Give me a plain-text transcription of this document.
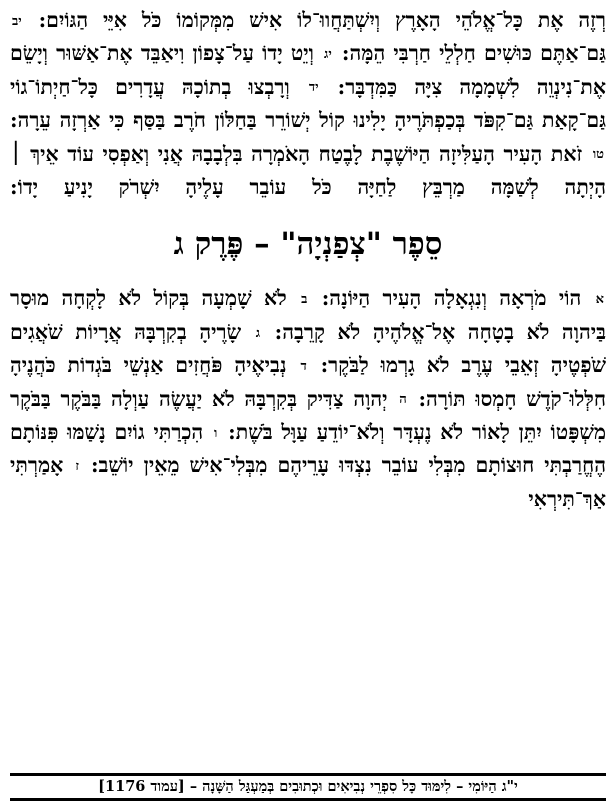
רְזֶה אֶת כָּל־אֱלֹהֵי הָאָרֶץ וְיִשְׁתַּחֲווּ־לוֹ אִישׁ מִמְּקוֹמוֹ כֹּל אִיֵּי הַגּוֹיִם: יב גַּם־אַתֶּם כּוּשִׁים חַלְלֵי חַרְבִּי הֵמָּה: יג וְיֵט יָדוֹ עַל־צָפוֹן וִיאַבֵּד אֶת־אַשּׁוּר וְיָשֵׂם אֶת־נִינְוֵה לִשְׁמָמָה צִיָּה כַּמִּדְבָּר: יד וְרָבְצוּ בְתוֹכָהּ עֲדָרִים כָּל־חַיְתוֹ־גוֹי גַּם־קָאַת גַּם־קִפֹּד בְּכַפְתֹּרֶיהָ יָלִינוּ קוֹל יְשׁוֹרֵר בַּחַלּוֹן חֹרֶב בַּסַּף כִּי אַרְזָה עֵרָה: טו זֹאת הָעִיר הָעַלִּיזָה הַיּוֹשֶׁבֶת לָבֶטַח הָאֹמְרָה בִּלְבָבָהּ אֲנִי וְאַפְסִי עוֹד אֵיךְ ׀ הָיְתָה לְשַׁמָּה מַרְבֵּץ לַחַיָּה כֹּל עוֹבֵר עָלֶיהָ יִשְׁרֹק יָנִיעַ יָדוֹ:

סֵפֶר "צְפַנְיָה" – פֶּרֶק ג

א הוֹי מֹרְאָה וְנִגְאָלָה הָעִיר הַיּוֹנָה: ב לֹא שָׁמְעָה בְּקוֹל לֹא לָקְחָה מוּסָר בַּיהוָה לֹא בָטָחָה אֶל־אֱלֹהֶיהָ לֹא קָרֵבָה: ג שָׂרֶיהָ בְקִרְבָּהּ אֲרָיוֹת שֹׁאֲגִים שֹׁפְטֶיהָ זְאֵבֵי עֶרֶב לֹא גָרְמוּ לַבֹּקֶר: ד נְבִיאֶיהָ פֹּחֲזִים אַנְשֵׁי בֹּגְדוֹת כֹּהֲנֶיהָ חִלְּלוּ־קֹדֶשׁ חָמְסוּ תּוֹרָה: ה יְהוָה צַדִּיק בְּקִרְבָּהּ לֹא יַעֲשֶׂה עַוְלָה בַּבֹּקֶר בַּבֹּקֶר מִשְׁפָּטוֹ יִתֵּן לָאוֹר לֹא נֶעְדָּר וְלֹא־יוֹדֵעַ עַוָּל בֹּשֶׁת: ו הִכְרַתִּי גוֹיִם נָשַׁמּוּ פִּנּוֹתָם הֶחֱרַבְתִּי חוּצוֹתָם מִבְּלִי עוֹבֵר נִצְדּוּ עָרֵיהֶם מִבְּלִי־אִישׁ מֵאֵין יוֹשֵׁב: ז אָמַרְתִּי אַךְ־תִּירְאִי

י"ג הַיּוֹמִי – לִימּוּד כָּל סִפְרֵי נְבִיאִים וּכְתוּבִים בְּמַעְגַּל הַשָּׁנָה – [עמוד 1176]
